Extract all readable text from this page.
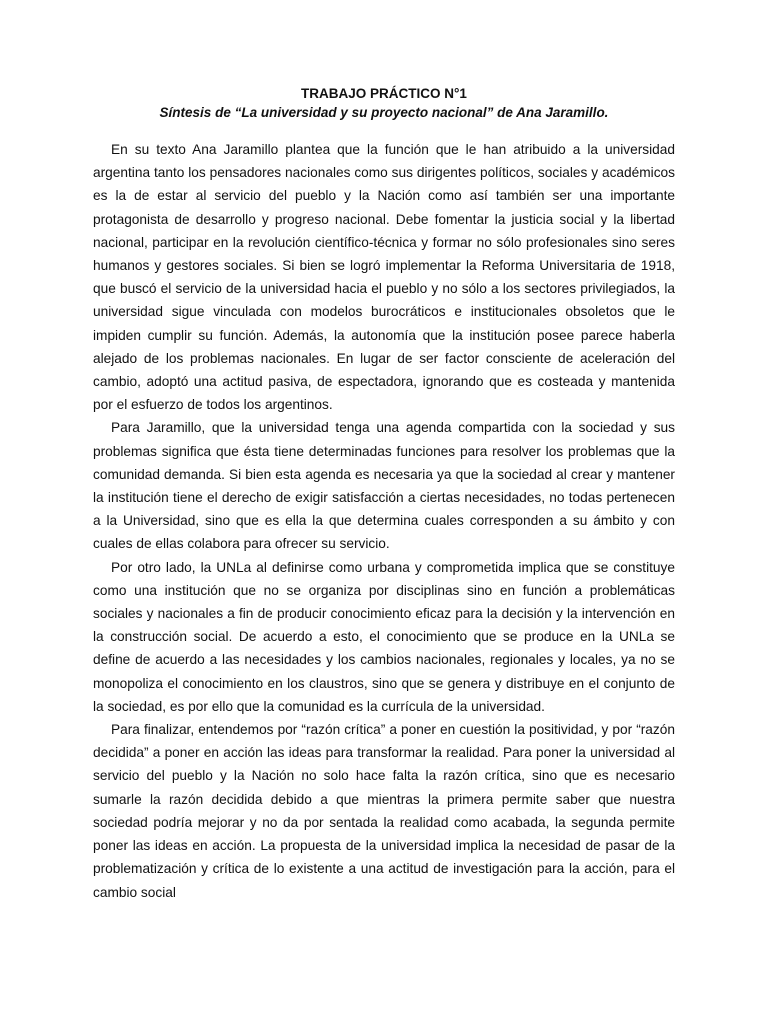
TRABAJO PRÁCTICO N°1

Síntesis de “La universidad y su proyecto nacional” de Ana Jaramillo.

En su texto Ana Jaramillo plantea que la función que le han atribuido a la universidad argentina tanto los pensadores nacionales como sus dirigentes políticos, sociales y académicos es la de estar al servicio del pueblo y la Nación como así también ser una importante protagonista de desarrollo y progreso nacional. Debe fomentar la justicia social y la libertad nacional, participar en la revolución científico-técnica y formar no sólo profesionales sino seres humanos y gestores sociales. Si bien se logró implementar la Reforma Universitaria de 1918, que buscó el servicio de la universidad hacia el pueblo y no sólo a los sectores privilegiados, la universidad sigue vinculada con modelos burocráticos e institucionales obsoletos que le impiden cumplir su función. Además, la autonomía que la institución posee parece haberla alejado de los problemas nacionales. En lugar de ser factor consciente de aceleración del cambio, adoptó una actitud pasiva, de espectadora, ignorando que es costeada y mantenida por el esfuerzo de todos los argentinos.

Para Jaramillo, que la universidad tenga una agenda compartida con la sociedad y sus problemas significa que ésta tiene determinadas funciones para resolver los problemas que la comunidad demanda. Si bien esta agenda es necesaria ya que la sociedad al crear y mantener la institución tiene el derecho de exigir satisfacción a ciertas necesidades, no todas pertenecen a la Universidad, sino que es ella la que determina cuales corresponden a su ámbito y con cuales de ellas colabora para ofrecer su servicio.

Por otro lado, la UNLa al definirse como urbana y comprometida implica que se constituye como una institución que no se organiza por disciplinas sino en función a problemáticas sociales y nacionales a fin de producir conocimiento eficaz para la decisión y la intervención en la construcción social. De acuerdo a esto, el conocimiento que se produce en la UNLa se define de acuerdo a las necesidades y los cambios nacionales, regionales y locales, ya no se monopoliza el conocimiento en los claustros, sino que se genera y distribuye en el conjunto de la sociedad, es por ello que la comunidad es la currícula de la universidad.

Para finalizar, entendemos por “razón crítica” a poner en cuestión la positividad, y por “razón decidida” a poner en acción las ideas para transformar la realidad. Para poner la universidad al servicio del pueblo y la Nación no solo hace falta la razón crítica, sino que es necesario sumarle la razón decidida debido a que mientras la primera permite saber que nuestra sociedad podría mejorar y no da por sentada la realidad como acabada, la segunda permite poner las ideas en acción. La propuesta de la universidad implica la necesidad de pasar de la problematización y crítica de lo existente a una actitud de investigación para la acción, para el cambio social
